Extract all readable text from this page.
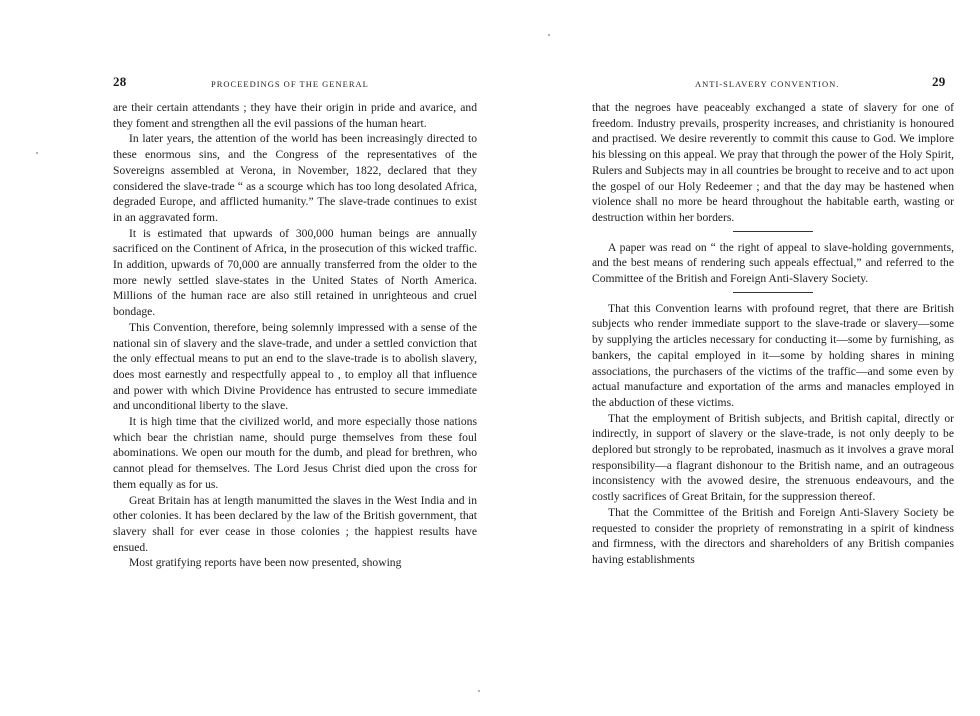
28	PROCEEDINGS OF THE GENERAL

are their certain attendants ; they have their origin in pride and avarice, and they foment and strengthen all the evil passions of the human heart.

In later years, the attention of the world has been increasingly directed to these enormous sins, and the Congress of the representatives of the Sovereigns assembled at Verona, in November, 1822, declared that they considered the slave-trade “ as a scourge which has too long desolated Africa, degraded Europe, and afflicted humanity.” The slave-trade continues to exist in an aggravated form.

It is estimated that upwards of 300,000 human beings are annually sacrificed on the Continent of Africa, in the prosecution of this wicked traffic. In addition, upwards of 70,000 are annually transferred from the older to the more newly settled slave-states in the United States of North America. Millions of the human race are also still retained in unrighteous and cruel bondage.

This Convention, therefore, being solemnly impressed with a sense of the national sin of slavery and the slave-trade, and under a settled conviction that the only effectual means to put an end to the slave-trade is to abolish slavery, does most earnestly and respectfully appeal to , to employ all that influence and power with which Divine Providence has entrusted to secure immediate and unconditional liberty to the slave.

It is high time that the civilized world, and more especially those nations which bear the christian name, should purge themselves from these foul abominations. We open our mouth for the dumb, and plead for brethren, who cannot plead for themselves. The Lord Jesus Christ died upon the cross for them equally as for us.

Great Britain has at length manumitted the slaves in the West India and in other colonies. It has been declared by the law of the British government, that slavery shall for ever cease in those colonies ; the happiest results have ensued.

Most gratifying reports have been now presented, showing

ANTI-SLAVERY CONVENTION.	29

that the negroes have peaceably exchanged a state of slavery for one of freedom. Industry prevails, prosperity increases, and christianity is honoured and practised. We desire reverently to commit this cause to God. We implore his blessing on this appeal. We pray that through the power of the Holy Spirit, Rulers and Subjects may in all countries be brought to receive and to act upon the gospel of our Holy Redeemer ; and that the day may be hastened when violence shall no more be heard throughout the habitable earth, wasting or destruction within her borders.

A paper was read on “ the right of appeal to slave-holding governments, and the best means of rendering such appeals effectual,” and referred to the Committee of the British and Foreign Anti-Slavery Society.

That this Convention learns with profound regret, that there are British subjects who render immediate support to the slave-trade or slavery—some by supplying the articles necessary for conducting it—some by furnishing, as bankers, the capital employed in it—some by holding shares in mining associations, the purchasers of the victims of the traffic—and some even by actual manufacture and exportation of the arms and manacles employed in the abduction of these victims.

That the employment of British subjects, and British capital, directly or indirectly, in support of slavery or the slave-trade, is not only deeply to be deplored but strongly to be reprobated, inasmuch as it involves a grave moral responsibility—a flagrant dishonour to the British name, and an outrageous inconsistency with the avowed desire, the strenuous endeavours, and the costly sacrifices of Great Britain, for the suppression thereof.

That the Committee of the British and Foreign Anti-Slavery Society be requested to consider the propriety of remonstrating in a spirit of kindness and firmness, with the directors and shareholders of any British companies having establishments
